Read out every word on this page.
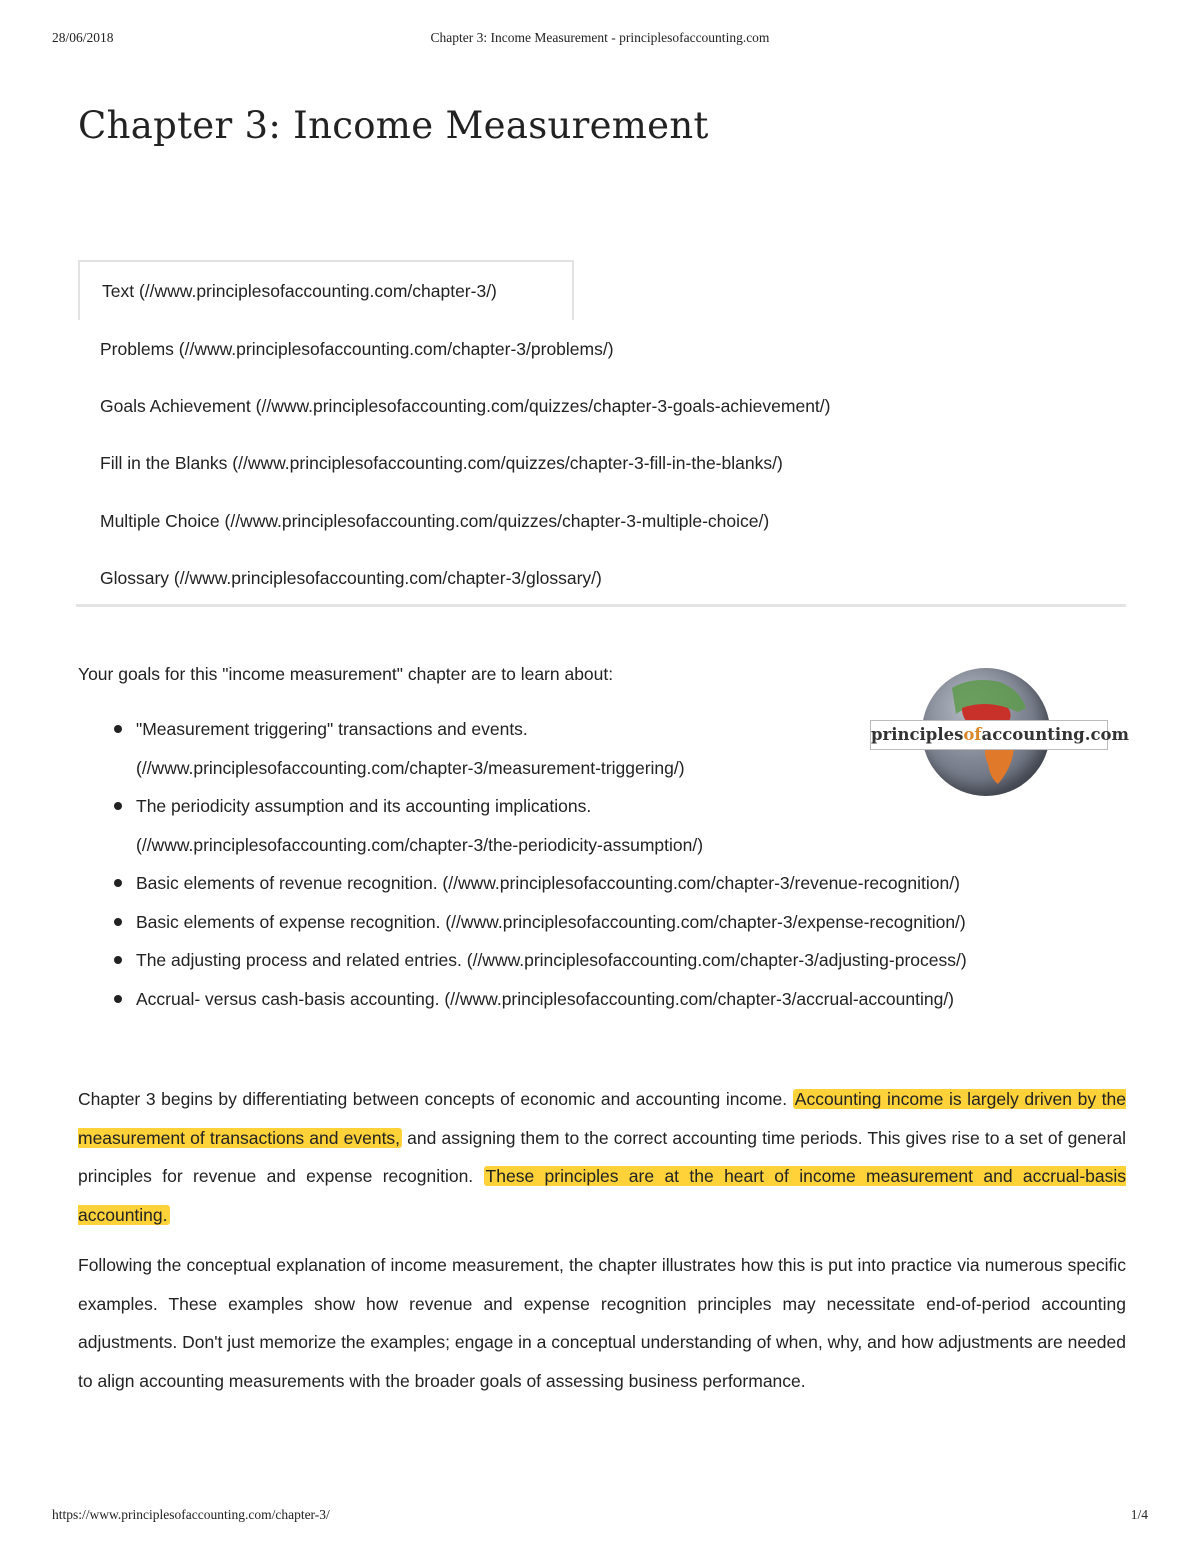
28/06/2018	Chapter 3: Income Measurement - principlesofaccounting.com
Chapter 3: Income Measurement
Text (//www.principlesofaccounting.com/chapter-3/)
Problems (//www.principlesofaccounting.com/chapter-3/problems/)
Goals Achievement (//www.principlesofaccounting.com/quizzes/chapter-3-goals-achievement/)
Fill in the Blanks (//www.principlesofaccounting.com/quizzes/chapter-3-fill-in-the-blanks/)
Multiple Choice (//www.principlesofaccounting.com/quizzes/chapter-3-multiple-choice/)
Glossary (//www.principlesofaccounting.com/chapter-3/glossary/)
Your goals for this "income measurement" chapter are to learn about:
"Measurement triggering" transactions and events.
(//www.principlesofaccounting.com/chapter-3/measurement-triggering/)
The periodicity assumption and its accounting implications.
(//www.principlesofaccounting.com/chapter-3/the-periodicity-assumption/)
Basic elements of revenue recognition. (//www.principlesofaccounting.com/chapter-3/revenue-recognition/)
Basic elements of expense recognition. (//www.principlesofaccounting.com/chapter-3/expense-recognition/)
The adjusting process and related entries. (//www.principlesofaccounting.com/chapter-3/adjusting-process/)
Accrual- versus cash-basis accounting. (//www.principlesofaccounting.com/chapter-3/accrual-accounting/)
principlesofaccounting.com

Chapter 3 begins by differentiating between concepts of economic and accounting income. Accounting income is largely driven by the measurement of transactions and events, and assigning them to the correct accounting time periods. This gives rise to a set of general principles for revenue and expense recognition. These principles are at the heart of income measurement and accrual-basis accounting.

Following the conceptual explanation of income measurement, the chapter illustrates how this is put into practice via numerous specific examples. These examples show how revenue and expense recognition principles may necessitate end-of-period accounting adjustments. Don't just memorize the examples; engage in a conceptual understanding of when, why, and how adjustments are needed to align accounting measurements with the broader goals of assessing business performance.

https://www.principlesofaccounting.com/chapter-3/	1/4
